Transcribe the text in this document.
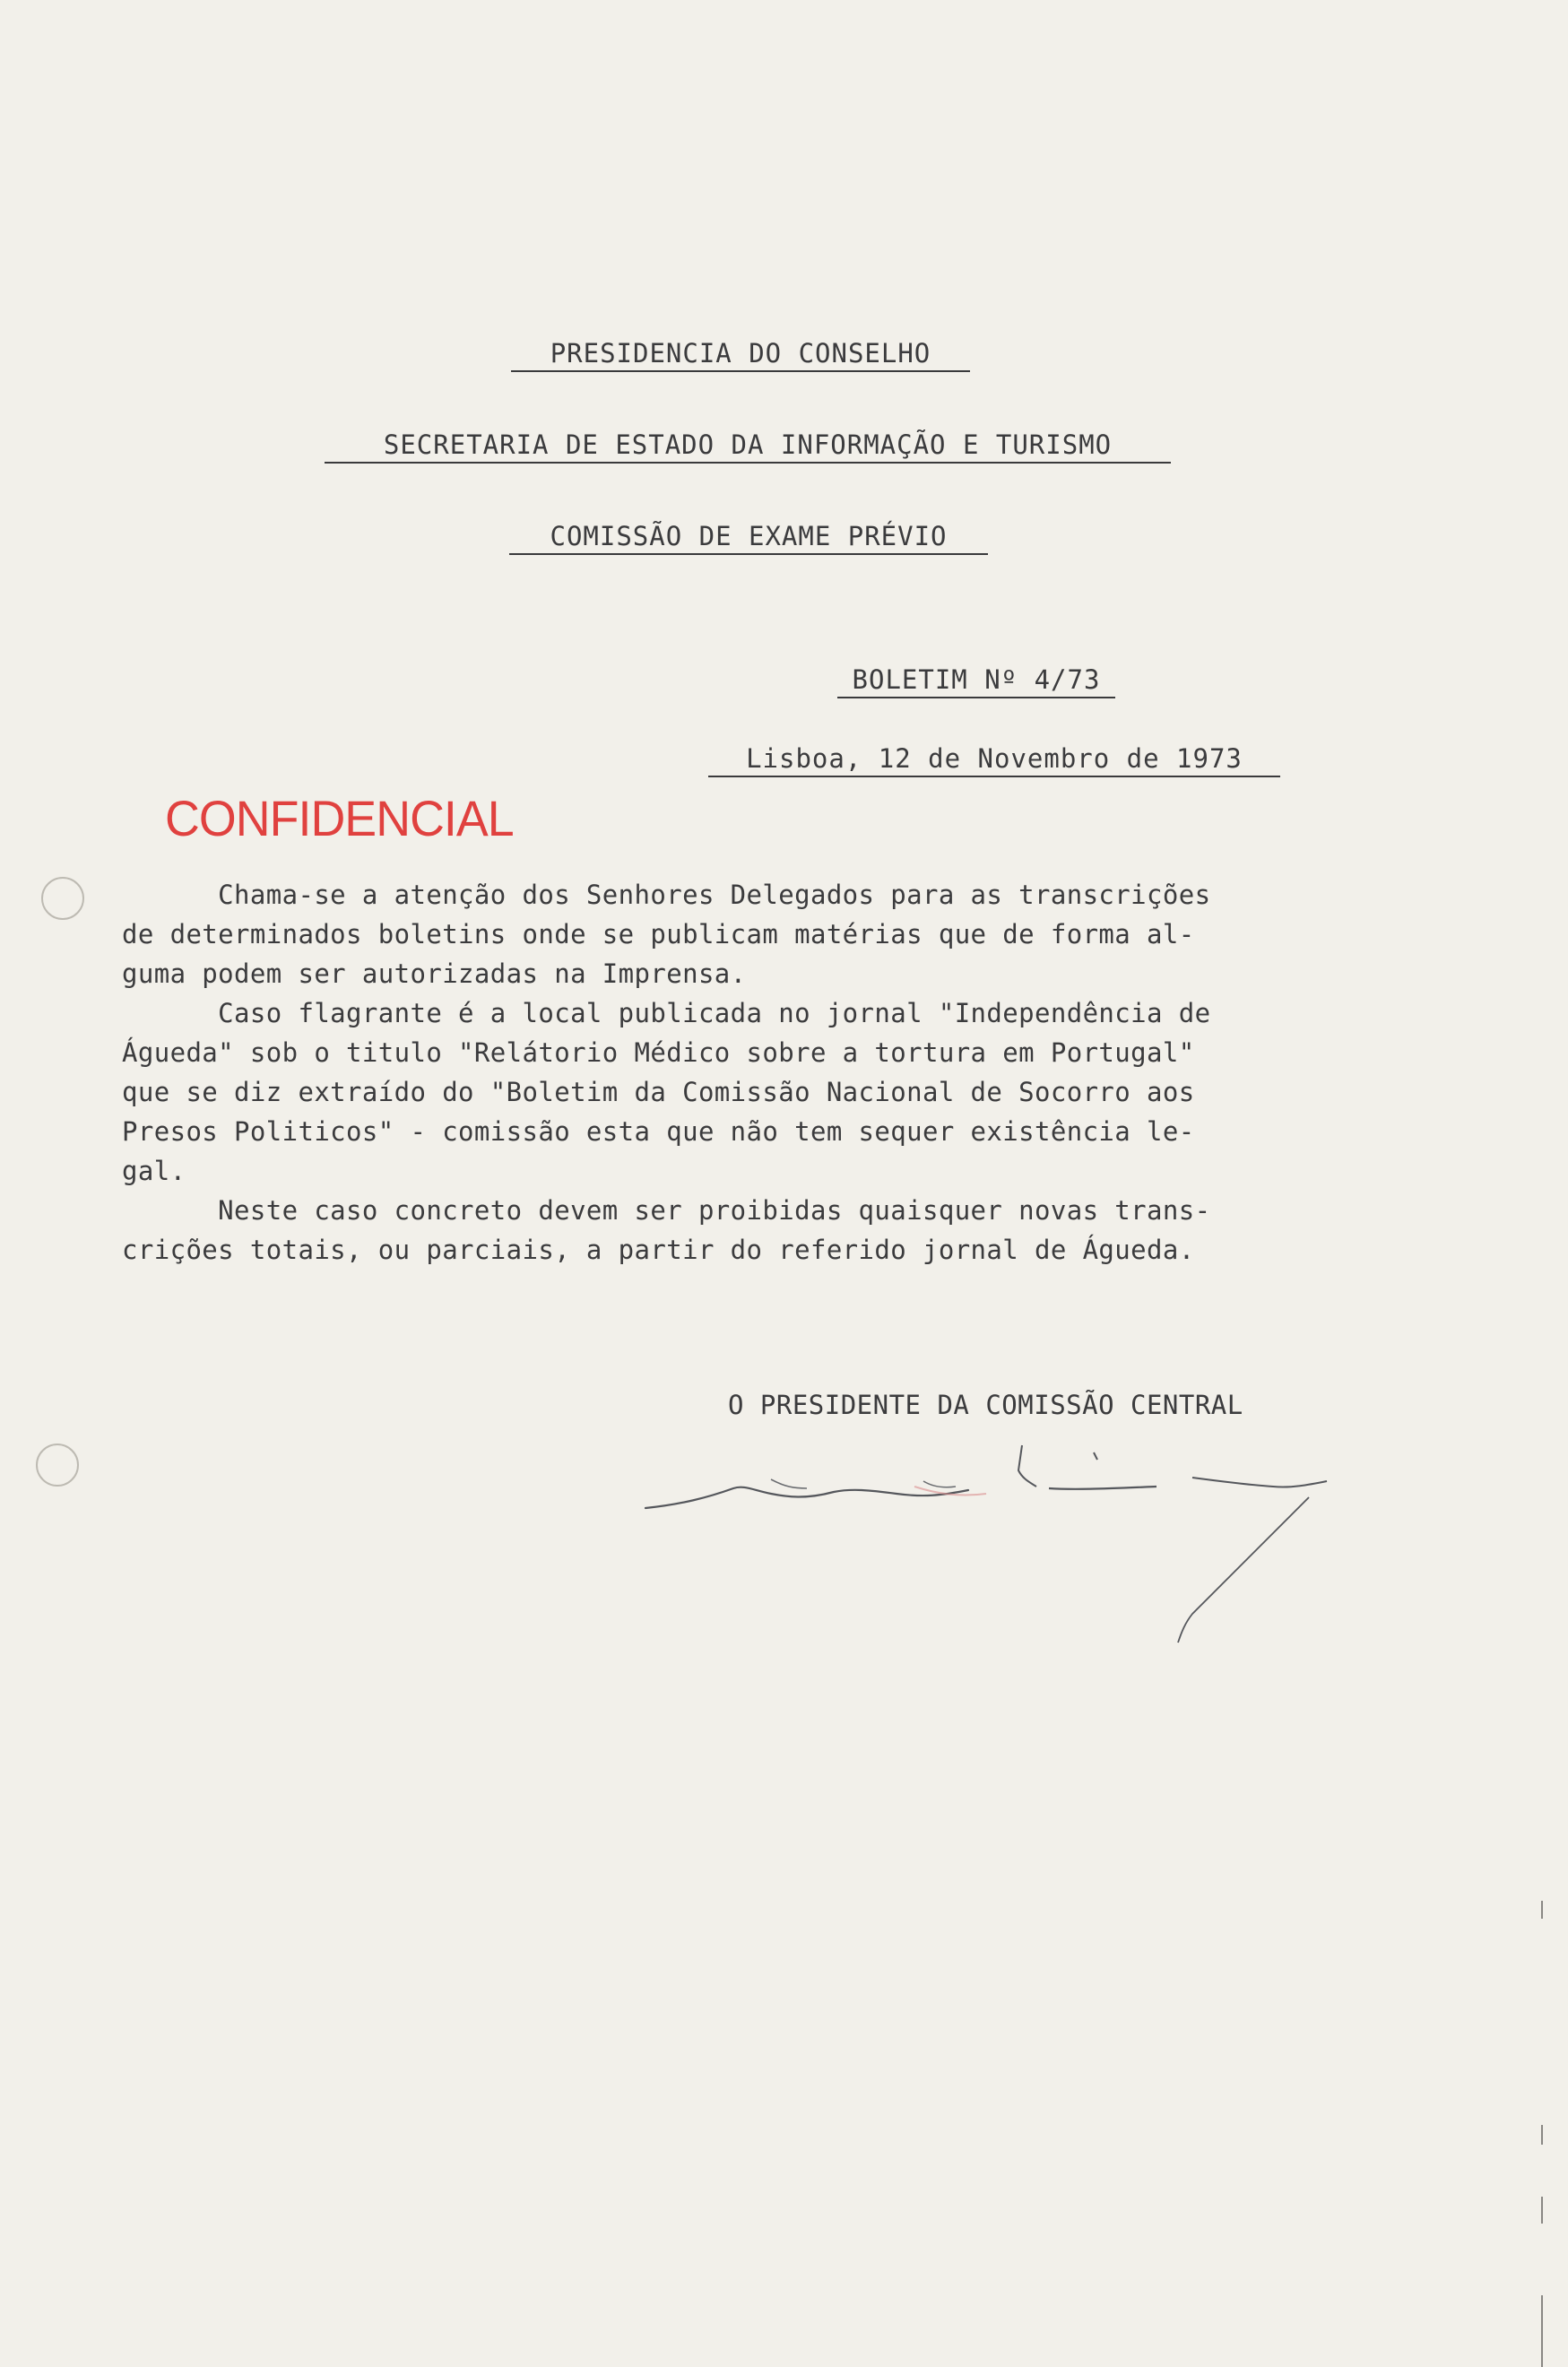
PRESIDENCIA DO CONSELHO
SECRETARIA DE ESTADO DA INFORMAÇÃO E TURISMO
COMISSÃO DE EXAME PRÉVIO
BOLETIM Nº 4/73
Lisboa, 12 de Novembro de 1973
CONFIDENCIAL
Chama-se a atenção dos Senhores Delegados para as transcrições
de determinados boletins onde se publicam matérias que de forma al-
guma podem ser autorizadas na Imprensa.
Caso flagrante é a local publicada no jornal "Independência de
Águeda" sob o titulo "Relátorio Médico sobre a tortura em Portugal"
que se diz extraído do "Boletim da Comissão Nacional de Socorro aos
Presos Politicos" - comissão esta que não tem sequer existência le-
gal.
Neste caso concreto devem ser proibidas quaisquer novas trans-
crições totais, ou parciais, a partir do referido jornal de Águeda.
O PRESIDENTE DA COMISSÃO CENTRAL
